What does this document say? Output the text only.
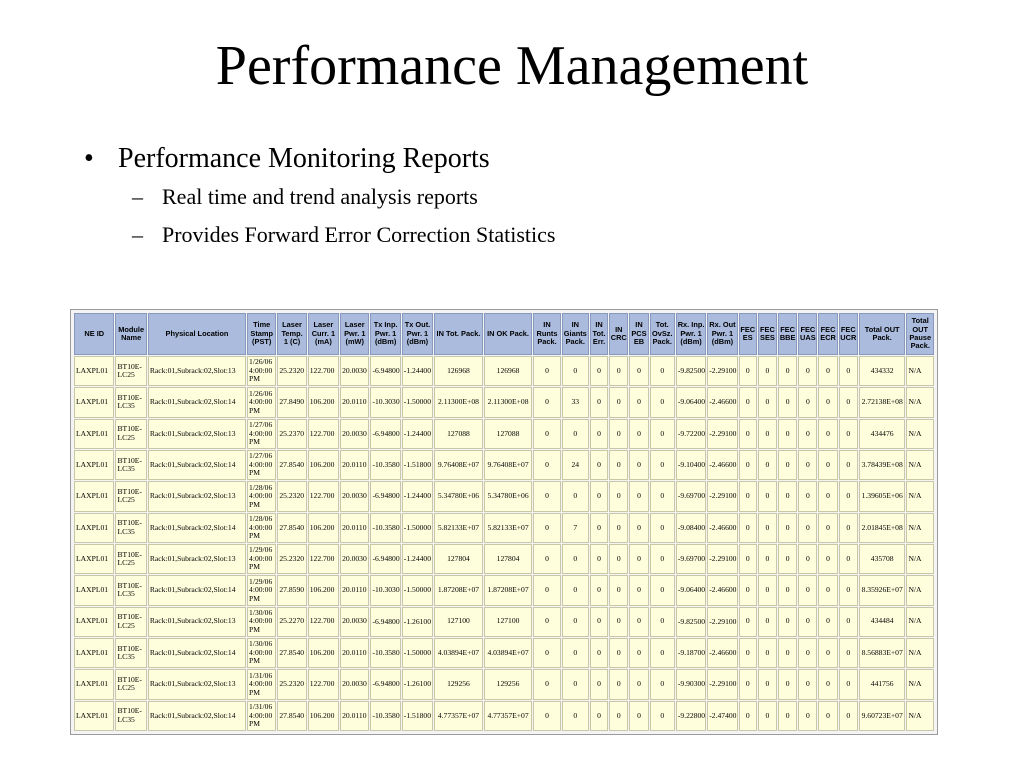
Performance Management
• Performance Monitoring Reports
– Real time and trend analysis reports
– Provides Forward Error Correction Statistics
NE ID	Module Name	Physical Location	Time Stamp (PST)	Laser Temp. 1 (C)	Laser Curr. 1 (mA)	Laser Pwr. 1 (mW)	Tx Inp. Pwr. 1 (dBm)	Tx Out. Pwr. 1 (dBm)	IN Tot. Pack.	IN OK Pack.	IN Runts Pack.	IN Giants Pack.	IN Tot. Err.	IN CRC	IN PCS EB	Tot. OvSz. Pack.	Rx. Inp. Pwr. 1 (dBm)	Rx. Out Pwr. 1 (dBm)	FEC ES	FEC SES	FEC BBE	FEC UAS	FEC ECR	FEC UCR	Total OUT Pack.	Total OUT Pause Pack.
LAXPL01	BT10E-LC25	Rack:01,Subrack:02,Slot:13	1/26/06 4:00:00 PM	25.2320	122.700	20.0030	-6.94800	-1.24400	126968	126968	0	0	0	0	0	0	-9.82500	-2.29100	0	0	0	0	0	0	434332	N/A
LAXPL01	BT10E-LC35	Rack:01,Subrack:02,Slot:14	1/26/06 4:00:00 PM	27.8490	106.200	20.0110	-10.3030	-1.50000	2.11300E+08	2.11300E+08	0	33	0	0	0	0	-9.06400	-2.46600	0	0	0	0	0	0	2.72138E+08	N/A
LAXPL01	BT10E-LC25	Rack:01,Subrack:02,Slot:13	1/27/06 4:00:00 PM	25.2370	122.700	20.0030	-6.94800	-1.24400	127088	127088	0	0	0	0	0	0	-9.72200	-2.29100	0	0	0	0	0	0	434476	N/A
LAXPL01	BT10E-LC35	Rack:01,Subrack:02,Slot:14	1/27/06 4:00:00 PM	27.8540	106.200	20.0110	-10.3580	-1.51800	9.76408E+07	9.76408E+07	0	24	0	0	0	0	-9.10400	-2.46600	0	0	0	0	0	0	3.78439E+08	N/A
LAXPL01	BT10E-LC25	Rack:01,Subrack:02,Slot:13	1/28/06 4:00:00 PM	25.2320	122.700	20.0030	-6.94800	-1.24400	5.34780E+06	5.34780E+06	0	0	0	0	0	0	-9.69700	-2.29100	0	0	0	0	0	0	1.39605E+06	N/A
LAXPL01	BT10E-LC35	Rack:01,Subrack:02,Slot:14	1/28/06 4:00:00 PM	27.8540	106.200	20.0110	-10.3580	-1.50000	5.82133E+07	5.82133E+07	0	7	0	0	0	0	-9.08400	-2.46600	0	0	0	0	0	0	2.01845E+08	N/A
LAXPL01	BT10E-LC25	Rack:01,Subrack:02,Slot:13	1/29/06 4:00:00 PM	25.2320	122.700	20.0030	-6.94800	-1.24400	127804	127804	0	0	0	0	0	0	-9.69700	-2.29100	0	0	0	0	0	0	435708	N/A
LAXPL01	BT10E-LC35	Rack:01,Subrack:02,Slot:14	1/29/06 4:00:00 PM	27.8590	106.200	20.0110	-10.3030	-1.50000	1.87208E+07	1.87208E+07	0	0	0	0	0	0	-9.06400	-2.46600	0	0	0	0	0	0	8.35926E+07	N/A
LAXPL01	BT10E-LC25	Rack:01,Subrack:02,Slot:13	1/30/06 4:00:00 PM	25.2270	122.700	20.0030	-6.94800	-1.26100	127100	127100	0	0	0	0	0	0	-9.82500	-2.29100	0	0	0	0	0	0	434484	N/A
LAXPL01	BT10E-LC35	Rack:01,Subrack:02,Slot:14	1/30/06 4:00:00 PM	27.8540	106.200	20.0110	-10.3580	-1.50000	4.03894E+07	4.03894E+07	0	0	0	0	0	0	-9.18700	-2.46600	0	0	0	0	0	0	8.56883E+07	N/A
LAXPL01	BT10E-LC25	Rack:01,Subrack:02,Slot:13	1/31/06 4:00:00 PM	25.2320	122.700	20.0030	-6.94800	-1.26100	129256	129256	0	0	0	0	0	0	-9.90300	-2.29100	0	0	0	0	0	0	441756	N/A
LAXPL01	BT10E-LC35	Rack:01,Subrack:02,Slot:14	1/31/06 4:00:00 PM	27.8540	106.200	20.0110	-10.3580	-1.51800	4.77357E+07	4.77357E+07	0	0	0	0	0	0	-9.22800	-2.47400	0	0	0	0	0	0	9.60723E+07	N/A
